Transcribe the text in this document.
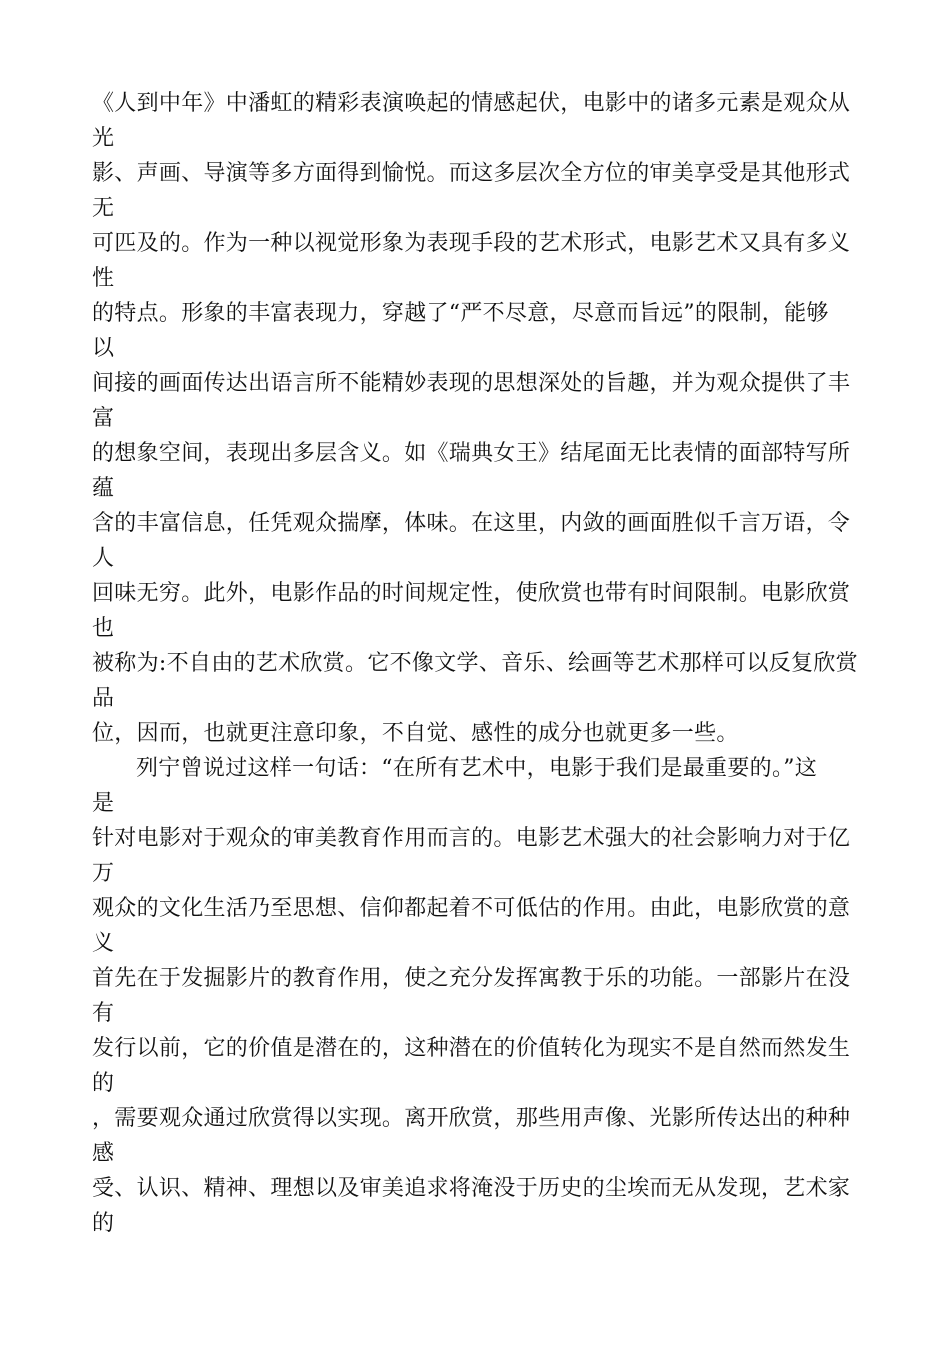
《人到中年》中潘虹的精彩表演唤起的情感起伏，电影中的诸多元素是观众从
光
影、声画、导演等多方面得到愉悦。而这多层次全方位的审美享受是其他形式
无
可匹及的。作为一种以视觉形象为表现手段的艺术形式，电影艺术又具有多义
性
的特点。形象的丰富表现力，穿越了“严不尽意，尽意而旨远”的限制，能够
以
间接的画面传达出语言所不能精妙表现的思想深处的旨趣，并为观众提供了丰
富
的想象空间，表现出多层含义。如《瑞典女王》结尾面无比表情的面部特写所
蕴
含的丰富信息，任凭观众揣摩，体味。在这里，内敛的画面胜似千言万语，令
人
回味无穷。此外，电影作品的时间规定性，使欣赏也带有时间限制。电影欣赏
也
被称为:不自由的艺术欣赏。它不像文学、音乐、绘画等艺术那样可以反复欣赏
品
位，因而，也就更注意印象，不自觉、感性的成分也就更多一些。
列宁曾说过这样一句话：“在所有艺术中，电影于我们是最重要的。”这
是
针对电影对于观众的审美教育作用而言的。电影艺术强大的社会影响力对于亿
万
观众的文化生活乃至思想、信仰都起着不可低估的作用。由此，电影欣赏的意
义
首先在于发掘影片的教育作用，使之充分发挥寓教于乐的功能。一部影片在没
有
发行以前，它的价值是潜在的，这种潜在的价值转化为现实不是自然而然发生
的
，需要观众通过欣赏得以实现。离开欣赏，那些用声像、光影所传达出的种种
感
受、认识、精神、理想以及审美追求将淹没于历史的尘埃而无从发现，艺术家
的
